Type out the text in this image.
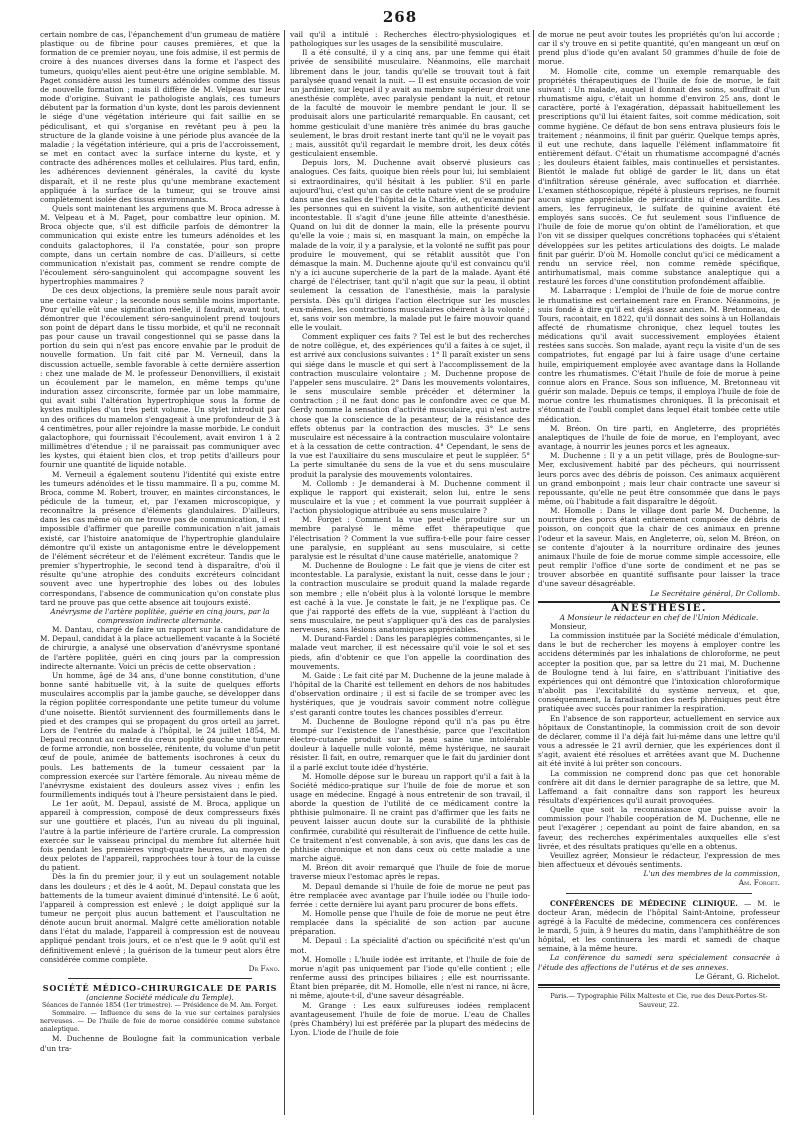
268

certain nombre de cas, l'épanchement d'un grumeau de matière plastique ou de fibrine pour causes premières, et que la formation de ce premier noyau, une fois admise, il est permis de croire à des nuances diverses dans la forme et l'aspect des tumeurs, quoiqu'elles aient peut-être une origine semblable. M. Paget considère aussi les tumeurs adénoïdes comme des tissus de nouvelle formation ; mais il diffère de M. Velpeau sur leur mode d'origine. Suivant le pathologiste anglais, ces tumeurs débutent par la formation d'un kyste, dont les parois deviennent le siége d'une végétation intérieure qui fait saillie en se pédiculisant, et qui s'organise en revêtant peu à peu la structure de la glande voisine à une période plus avancée de la maladie ; la végétation intérieure, qui a pris de l'accroissement, se met en contact avec la surface interne du kyste, et y contracte des adhérences molles et cellulaires. Plus tard, enfin, les adhérences deviennent générales, la cavité du kyste disparaît, et il ne reste plus qu'une membrane exactement appliquée à la surface de la tumeur, qui se trouve ainsi complètement isolée des tissus environnants.

Quels sont maintenant les argumens que M. Broca adresse à M. Velpeau et à M. Paget, pour combattre leur opinion. M. Broca objecte que, s'il est difficile parfois de démontrer la communication qui existe entre les tumeurs adénoïdes et les conduits galactophores, il l'a constatée, pour son propre compte, dans un certain nombre de cas. D'ailleurs, si cette communication n'existait pas, comment se rendre compte de l'écoulement séro-sanguinolent qui accompagne souvent les hypertrophies mammaires ?

De ces deux objections, la première seule nous paraît avoir une certaine valeur ; la seconde nous semble moins importante. Pour qu'elle eût une signification réelle, il faudrait, avant tout, démontrer que l'écoulement séro-sanguinolent prend toujours son point de départ dans le tissu morbide, et qu'il ne reconnaît pas pour cause un travail congestionnel qui se passe dans la portion du sein qui n'est pas encore envahie par le produit de nouvelle formation. Un fait cité par M. Verneuil, dans la discussion actuelle, semble favorable à cette dernière assertion : chez une malade de M. le professeur Denonvilliers, il existait un écoulement par le mamelon, en même temps qu'une induration assez circonscrite, formée par un lobe mammaire, qui avait subi l'altération hypertrophique sous la forme de kystes multiples d'un très petit volume. Un stylet introduit par un des orifices du mamelon s'engageait à une profondeur de 3 à 4 centimètres, pour aller rejoindre la masse morbide. Le conduit galactophore, qui fournissait l'écoulement, avait environ 1 à 2 millimètres d'étendue ; il ne paraissait pas communiquer avec les kystes, qui étaient bien clos, et trop petits d'ailleurs pour fournir une quantité de liquide notable.

M. Verneuil a également soutenu l'identité qui existe entre les tumeurs adénoïdes et le tissu mammaire. Il a pu, comme M. Broca, comme M. Robert, trouver, en maintes circonstances, le pédicule de la tumeur, et, par l'examen microscopique, y reconnaître la présence d'éléments glandulaires. D'ailleurs, dans les cas même où on ne trouve pas de communication, il est impossible d'affirmer que pareille communication n'ait jamais existé, car l'histoire anatomique de l'hypertrophie glandulaire démontre qu'il existe un antagonisme entre le développement de l'élément sécréteur et de l'élément excréteur. Tandis que le premier s'hypertrophie, le second tend à disparaître, d'où il résulte qu'une atrophie des conduits excréteurs coïncidant souvent avec une hypertrophie des lobes ou des lobules correspondans, l'absence de communication qu'on constate plus tard ne prouve pas que cette absence ait toujours existé.

Anévrysme de l'artère poplitée, guérie en cinq jours, par la compression indirecte alternante.

M. Dantau, chargé de faire un rapport sur la candidature de M. Depaul, candidat à la place actuellement vacante à la Société de chirurgie, a analysé une observation d'anévrysme spontané de l'artère poplitée, guéri en cinq jours par la compression indirecte alternante. Voici un précis de cette observation :

Un homme, âgé de 34 ans, d'une bonne constitution, d'une bonne santé habituelle vit, à la suite de quelques efforts musculaires accomplis par la jambe gauche, se développer dans la région poplitée correspondante une petite tumeur du volume d'une noisette. Bientôt surviennent des fourmillements dans le pied et des crampes qui se propagent du gros orteil au jarret. Lors de l'entrée du malade à l'hôpital, le 24 juillet 1854, M. Depaul reconnut au centre du creux poplité gauche une tumeur de forme arrondie, non bosselée, rénitente, du volume d'un petit œuf de poule, animée de battements isochrones à ceux du pouls. Les battements de la tumeur cessaient par la compression exercée sur l'artère fémorale. Au niveau même de l'anévrysme existaient des douleurs assez vives ; enfin les fourmillements indiqués tout à l'heure persistaient dans le pied.

Le 1er août, M. Depaul, assisté de M. Broca, applique un appareil à compression, composé de deux compresseurs fixés sur une gouttière et placés, l'un au niveau du pli inguinal, l'autre à la partie inférieure de l'artère crurale. La compression exercée sur le vaisseau principal du membre fut alternée huit fois pendant les premières vingt-quatre heures, au moyen de deux pelotes de l'appareil, rapprochées tour à tour de la cuisse du patient.

Dès la fin du premier jour, il y eut un soulagement notable dans les douleurs ; et dès le 4 août, M. Depaul constata que les battements de la tumeur avaient diminué d'intensité. Le 6 août, l'appareil à compression est enlevé ; le doigt appliqué sur la tumeur ne perçoit plus aucun battement et l'auscultation ne dénote aucun bruit anormal. Malgré cette amélioration notable dans l'état du malade, l'appareil à compression est de nouveau appliqué pendant trois jours, et ce n'est que le 9 août qu'il est définitivement enlevé ; la guérison de la tumeur peut alors être considérée comme complète.

Dr Fano.

SOCIÉTÉ MÉDICO-CHIRURGICALE DE PARIS

(ancienne Société médicale du Temple).

Séances de l'année 1854 (1er trimestre). — Présidence de M. Am. Forget.

Sommaire. — Influence du sens de la vue sur certaines paralysies nerveuses. — De l'huile de foie de morue considérée comme substance analeptique.

M. Duchenne de Boulogne fait la communication verbale d'un tra-

vail qu'il a intitulé : Recherches électro-physiologiques et pathologiques sur les usages de la sensibilité musculaire.

Il a été consulté, il y a cinq ans, par une femme qui était privée de sensibilité musculaire. Néanmoins, elle marchait librement dans le jour, tandis qu'elle se trouvait tout à fait paralysée quand venait la nuit. — Il est ensuite occasion de voir un jardinier, sur lequel il y avait au membre supérieur droit une anesthésie complète, avec paralysie pendant la nuit, et retour de la faculté de mouvoir le membre pendant le jour. Il se produisait alors une particularité remarquable. En causant, cet homme gesticulait d'une manière très animée du bras gauche seulement, le bras droit restant inerte tant qu'il ne le voyait pas ; mais, aussitôt qu'il regardait le membre droit, les deux côtés gesticulaient ensemble.

Depuis lors, M. Duchenne avait observé plusieurs cas analogues. Ces faits, quoique bien réels pour lui, lui semblaient si extraordinaires, qu'il hésitait à les publier. S'il en parle aujourd'hui, c'est qu'un cas de cette nature vient de se produire dans une des salles de l'hôpital de la Charité, et, qu'examiné par les personnes qui en suivent la visite, son authenticité devient incontestable. Il s'agit d'une jeune fille atteinte d'anesthésie. Quand on lui dit de donner la main, elle la présente pourvu qu'elle la voie ; mais si, en masquant la main, on empêche la malade de la voir, il y a paralysie, et la volonté ne suffit pas pour produire le mouvement, qui se rétablit aussitôt que l'on démasque la main. M. Duchenne ajoute qu'il est convaincu qu'il n'y a ici aucune supercherie de la part de la malade. Ayant été chargé de l'électriser, tant qu'il n'agit que sur la peau, il obtint seulement la cessation de l'anesthésie, mais la paralysie persista. Dès qu'il dirigea l'action électrique sur les muscles eux-mêmes, les contractions musculaires obéirent à la volonté ; et, sans voir son membre, la malade put le faire mouvoir quand elle le voulait.

Comment expliquer ces faits ? Tel est le but des recherches de notre collègue, et, des expériences qu'il a faites à ce sujet, il est arrivé aux conclusions suivantes : 1° Il paraît exister un sens qui siége dans le muscle et qui sert à l'accomplissement de la contraction musculaire volontaire ; M. Duchenne propose de l'appeler sens musculaire. 2° Dans les mouvements volontaires, le sens musculaire semble précéder et déterminer la contraction ; il ne faut donc pas le confondre avec ce que M. Gerdy nomme la sensation d'activité musculaire, qui n'est autre chose que la conscience de la pesanteur, de la résistance des effets obtenus par la contraction des muscles. 3° Le sens musculaire est nécessaire à la contraction musculaire volontaire et à la cessation de cette contraction. 4° Cependant, le sens de la vue est l'auxiliaire du sens musculaire et peut le suppléer. 5° La perte simultanée du sens de la vue et du sens musculaire produit la paralysie des mouvements volontaires.

M. Collomb : Je demanderai à M. Duchenne comment il explique le rapport qui existerait, selon lui, entre le sens musculaire et la vue ; et comment la vue pourrait suppléer à l'action physiologique attribuée au sens musculaire ?

M. Forget : Comment la vue peut-elle produire sur un membre paralysé le même effet thérapeutique que l'électrisation ? Comment la vue suffira-t-elle pour faire cesser une paralysie, en suppléant au sens musculaire, si cette paralysie est le résultat d'une cause matérielle, anatomique ?

M. Duchenne de Boulogne : Le fait que je viens de citer est incontestable. La paralysie, existant la nuit, cesse dans le jour ; la contraction musculaire se produit quand la malade regarde son membre ; elle n'obéit plus à la volonté lorsque le membre est caché à la vue. Je constate le fait, je ne l'explique pas. Ce que j'ai rapporté des effets de la vue, suppléant à l'action du sens musculaire, ne peut s'appliquer qu'à des cas de paralysies nerveuses, sans lésions anatomiques appréciables.

M. Durand-Fardel : Dans les paraplégies commençantes, si le malade veut marcher, il est nécessaire qu'il voie le sol et ses pieds, afin d'obtenir ce que l'on appelle la coordination des mouvements.

M. Gaide : Le fait cité par M. Duchenne de la jeune malade à l'hôpital de la Charité est tellement en dehors de nos habitudes d'observation ordinaire ; il est si facile de se tromper avec les hystériques, que je voudrais savoir comment notre collègue s'est garanti contre toutes les chances possibles d'erreur.

M. Duchenne de Boulogne répond qu'il n'a pas pu être trompé sur l'existence de l'anesthésie, parce que l'excitation électro-cutanée produit sur la peau saine une intolérable douleur à laquelle nulle volonté, même hystérique, ne saurait résister. Il fait, en outre, remarquer que le fait du jardinier dont il a parlé exclut toute idée d'hystérie.

M. Homolle dépose sur le bureau un rapport qu'il a fait à la Société médico-pratique sur l'huile de foie de morue et son usage en médecine. Engagé à nous entretenir de son travail, il aborde la question de l'utilité de ce médicament contre la phthisie pulmonaire. Il ne craint pas d'affirmer que les faits ne peuvent laisser aucun doute sur la curabilité de la phthisie confirmée, curabilité qui résulterait de l'influence de cette huile. Ce traitement n'est convenable, à son avis, que dans les cas de phthisie chronique et non dans ceux où cette maladie a une marche aiguë.

M. Bréon dit avoir remarqué que l'huile de foie de morue traverse mieux l'estomac après le repas.

M. Depaul demande si l'huile de foie de morue ne peut pas être remplacée avec avantage par l'huile iodée ou l'huile iodo-ferrée : cette dernière lui ayant paru procurer de bons effets.

M. Homolle pense que l'huile de foie de morue ne peut être remplacée dans la spécialité de son action par aucune préparation.

M. Depaul : La spécialité d'action ou spécificité n'est qu'un mot.

M. Homolle : L'huile iodée est irritante, et l'huile de foie de morue n'agit pas uniquement par l'iode qu'elle contient ; elle renferme aussi des principes biliaires ; elle est nourrissante. Étant bien préparée, dit M. Homolle, elle n'est ni rance, ni âcre, ni même, ajoute-t-il, d'une saveur désagréable.

M. Grange : Les eaux sulfureuses iodées remplacent avantageusement l'huile de foie de morue. L'eau de Challes (près Chambéry) lui est préférée par la plupart des médecins de Lyon. L'iode de l'huile de foie

de morue ne peut avoir toutes les propriétés qu'on lui accorde ; car il s'y trouve en si petite quantité, qu'en mangeant un œuf on prend plus d'iode qu'en avalant 50 grammes d'huile de foie de morue.

M. Homolle cite, comme un exemple remarquable des propriétés thérapeutiques de l'huile de foie de morue, le fait suivant : Un malade, auquel il donnait des soins, souffrait d'un rhumatisme aigu, c'était un homme d'environ 25 ans, dont le caractère, porté à l'exagération, dépassait habituellement les prescriptions qu'il lui étaient faites, soit comme médication, soit comme hygiène. Ce défaut de bon sens entrava plusieurs fois le traitement ; néanmoins, il finit par guérir. Quelque temps après, il eut une rechute, dans laquelle l'élément inflammatoire fit entièrement défaut. C'était un rhumatisme accompagné d'acnés ; les douleurs étaient faibles, mais continuelles et persistantes. Bientôt le malade fut obligé de garder le lit, dans un état d'infiltration séreuse générale, avec suffocation et diarrhée. L'examen stéthoscopique, répété à plusieurs reprises, ne fournit aucun signe appréciable de péricardite ni d'endocardite. Les amers, les ferrugineux, le sulfate de quinine avaient été employés sans succès. Ce fut seulement sous l'influence de l'huile de foie de morue qu'on obtint de l'amélioration, et que l'on vit se dissiper quelques concrétions tophacées qui s'étaient développées sur les petites articulations des doigts. Le malade finit par guérir. D'où M. Homolle conclut qu'ici ce médicament a rendu un service réel, non comme remède spécifique, antirhumatismal, mais comme substance analeptique qui a restauré les forces d'une constitution profondément affaiblie.

M. Labarraque : L'emploi de l'huile de foie de morue contre le rhumatisme est certainement rare en France. Néanmoins, je suis fondé à dire qu'il est déjà assez ancien. M. Bretonneau, de Tours, racontait, en 1822, qu'il donnait des soins à un Hollandais affecté de rhumatisme chronique, chez lequel toutes les médications qu'il avait successivement employées étaient restées sans succès. Son malade, ayant reçu la visite d'un de ses compatriotes, fut engagé par lui à faire usage d'une certaine huile, empiriquement employée avec avantage dans la Hollande contre les rhumatismes. C'était l'huile de foie de morue à peine connue alors en France. Sous son influence, M. Bretonneau vit guérir son malade. Depuis ce temps, il employa l'huile de foie de morue contre les rhumatismes chroniques. Il la préconisait et s'étonnait de l'oubli complet dans lequel était tombée cette utile médication.

M. Bréon. On tire parti, en Angleterre, des propriétés analeptiques de l'huile de foie de morue, en l'employant, avec avantage, à nourrir les jeunes porcs et les agneaux.

M. Duchenne : Il y a un petit village, près de Boulogne-sur-Mer, exclusivement habité par des pêcheurs, qui nourrissent leurs porcs avec des débris de poisson. Ces animaux acquièrent un grand embonpoint ; mais leur chair contracte une saveur si repoussante, qu'elle ne peut être consommée que dans le pays même, où l'habitude a fait disparaître le dégoût.

M. Homolle : Dans le village dont parle M. Duchenne, la nourriture des porcs étant entièrement composée de débris de poisson, on conçoit que la chair de ces animaux en prenne l'odeur et la saveur. Mais, en Angleterre, où, selon M. Bréon, on se contente d'ajouter à la nourriture ordinaire des jeunes animaux l'huile de foie de morue comme simple accessoire, elle peut remplir l'office d'une sorte de condiment et ne pas se trouver absorbée en quantité suffisante pour laisser la trace d'une saveur désagréable.

Le Secrétaire général, Dr Collomb.

ANESTHÉSIE.

A Monsieur le rédacteur en chef de l'Union Médicale.

Monsieur,

La commission instituée par la Société médicale d'émulation, dans le but de rechercher les moyens à employer contre les accidens déterminés par les inhalations de chloroforme, ne peut accepter la position que, par sa lettre du 21 mai, M. Duchenne de Boulogne tend à lui faire, en s'attribuant l'initiative des expériences qui ont démontré que l'intoxication chloroformique n'abolit pas l'excitabilité du système nerveux, et que, conséquemment, la faradisation des nerfs phréniques peut être pratiquée avec succès pour ranimer la respiration.

En l'absence de son rapporteur, actuellement en service aux hôpitaux de Constantinople, la commission croit de son devoir de déclarer, comme il l'a déjà fait lui-même dans une lettre qu'il vous a adressée le 21 avril dernier, que les expériences dont il s'agit, avaient été résolues et arrêtées avant que M. Duchenne ait été invité à lui prêter son concours.

La commission ne comprend donc pas que cet honorable confrère ait dit dans le dernier paragraphe de sa lettre, que M. Laffemand a fait connaître dans son rapport les heureux résultats d'expériences qu'il aurait provoquées.

Quelle que soit la reconnaissance que puisse avoir la commission pour l'habile coopération de M. Duchenne, elle ne peut l'exagérer ; cependant au point de faire abandon, en sa faveur, des recherches expérimentales auxquelles elle s'est livrée, et des résultats pratiques qu'elle en a obtenus.

Veuillez agréer, Monsieur le rédacteur, l'expression de mes bien affectueux et dévoués sentiments.

L'un des membres de la commission,

Am. Forget.

CONFÉRENCES DE MÉDECINE CLINIQUE. — M. le docteur Aran, médecin de l'hôpital Saint-Antoine, professeur agrégé à la Faculté de médecine, commencera ces conférences le mardi, 5 juin, à 9 heures du matin, dans l'amphithéâtre de son hôpital, et les continuera les mardi et samedi de chaque semaine, à la même heure.

La conférence du samedi sera spécialement consacrée à l'étude des affections de l'utérus et de ses annexes.

Le Gérant, G. Richelot.

Paris.— Typographie Félix Malteste et Cie, rue des Deux-Portes-St-Sauveur, 22.
